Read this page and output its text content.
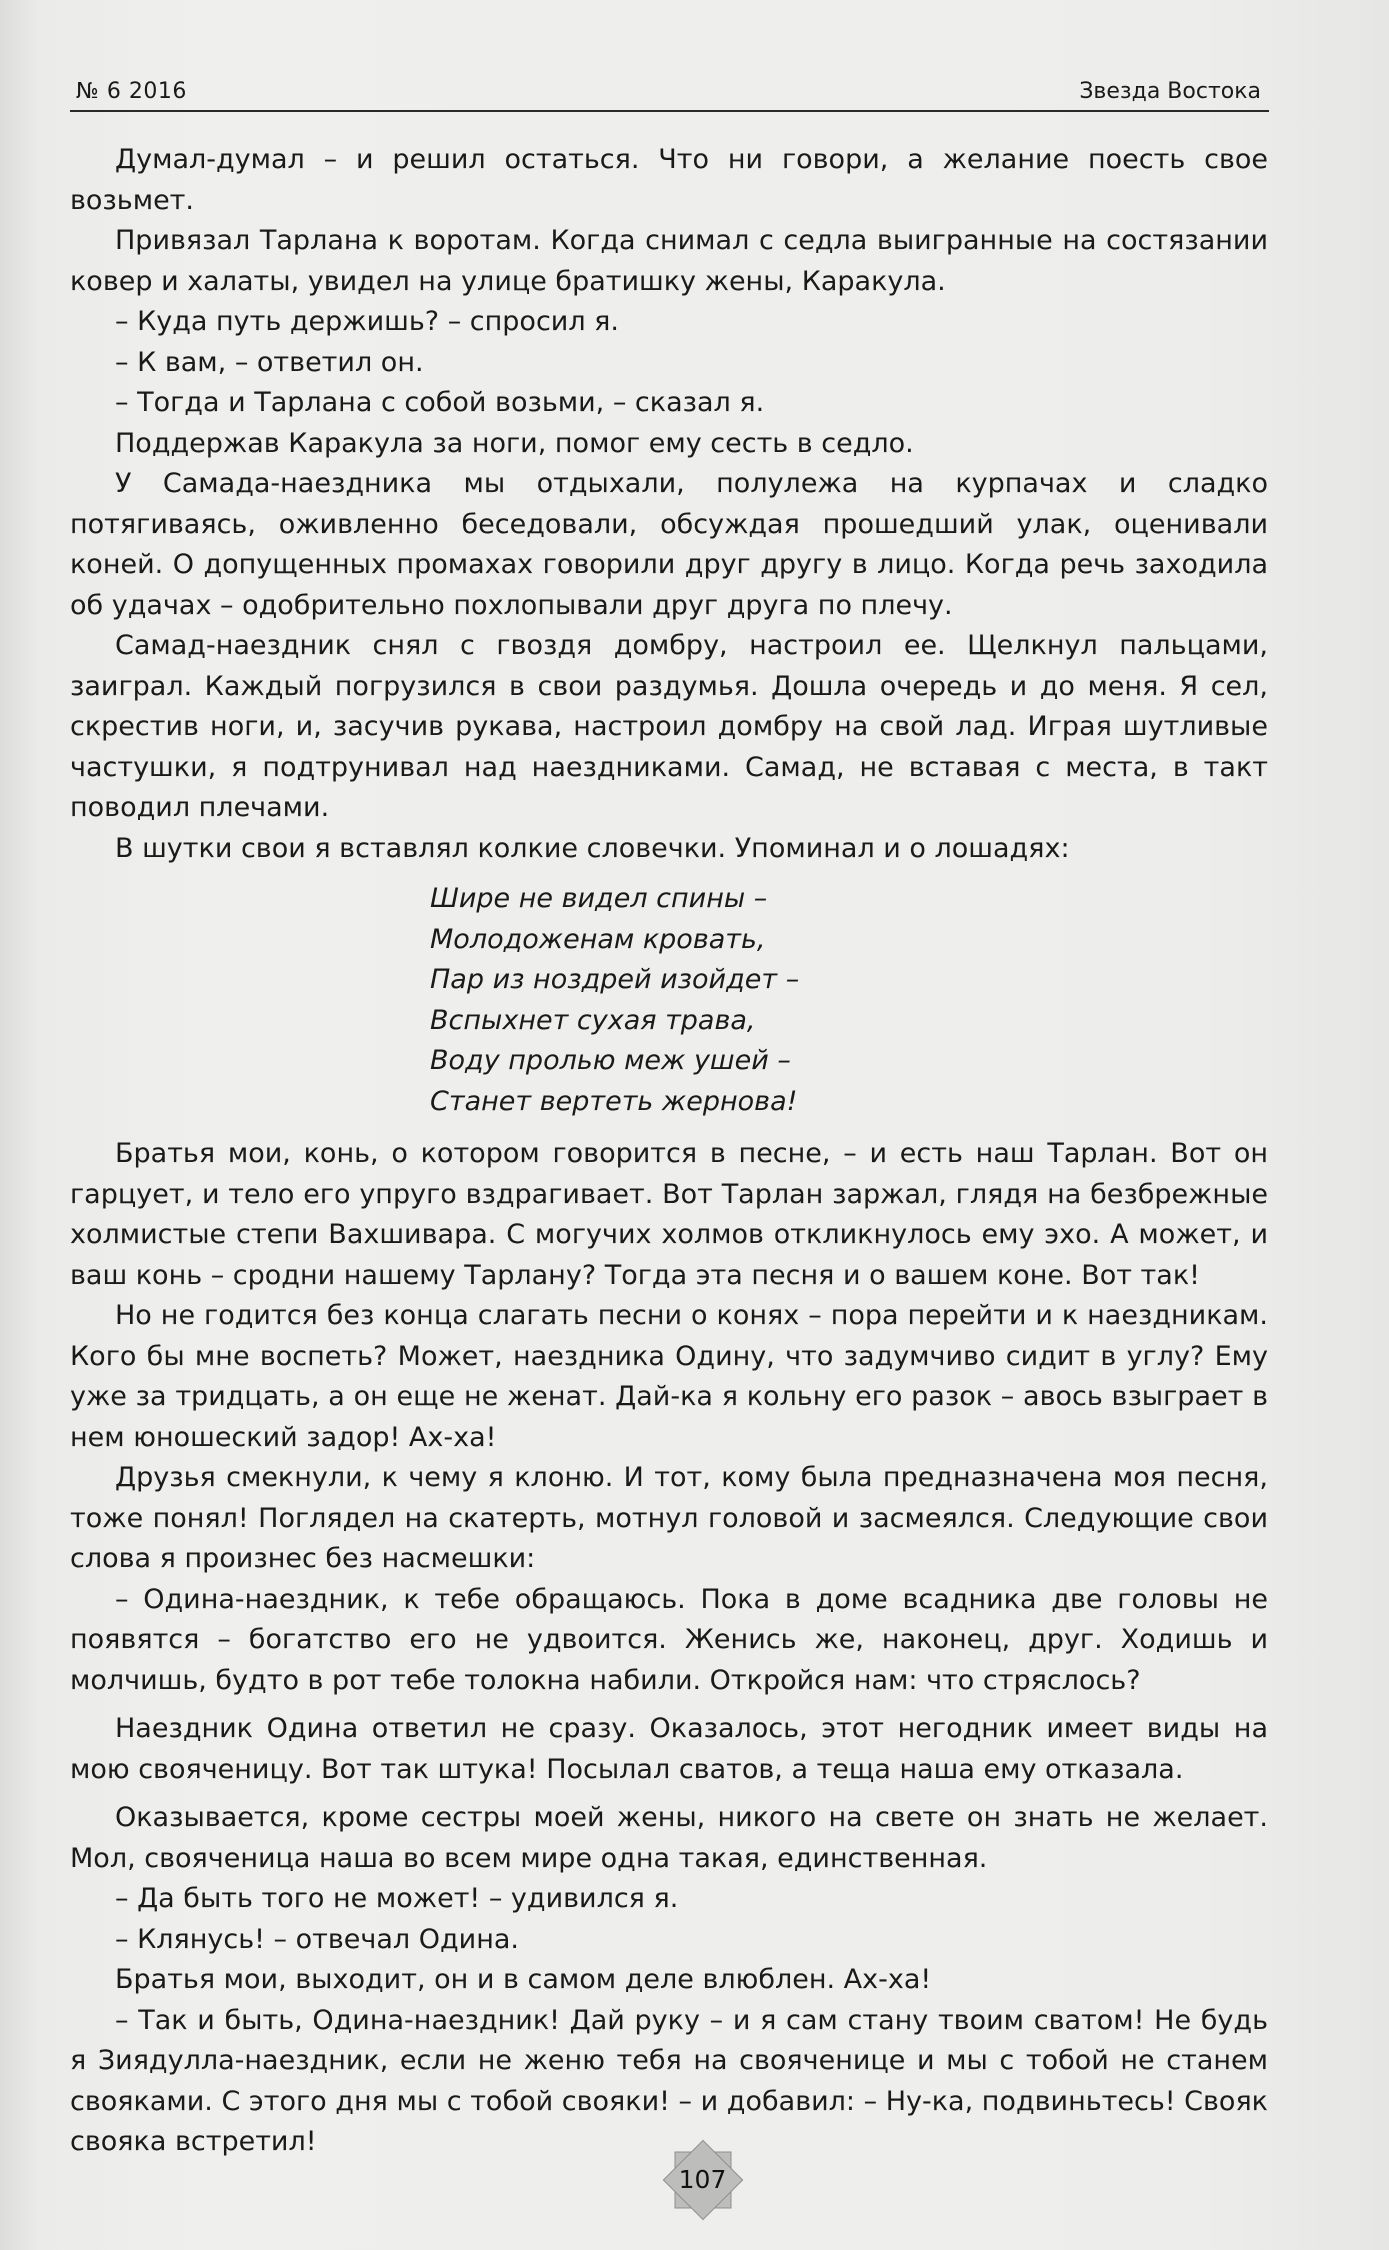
№ 6 2016	Звезда Востока

Думал-думал – и решил остаться. Что ни говори, а желание поесть свое возьмет.

Привязал Тарлана к воротам. Когда снимал с седла выигранные на состязании ковер и халаты, увидел на улице братишку жены, Каракула.

– Куда путь держишь? – спросил я.

– К вам, – ответил он.

– Тогда и Тарлана с собой возьми, – сказал я.

Поддержав Каракула за ноги, помог ему сесть в седло.

У Самада-наездника мы отдыхали, полулежа на курпачах и сладко потягиваясь, оживленно беседовали, обсуждая прошедший улак, оценивали коней. О допущенных промахах говорили друг другу в лицо. Когда речь заходила об удачах – одобрительно похлопывали друг друга по плечу.

Самад-наездник снял с гвоздя домбру, настроил ее. Щелкнул пальцами, заиграл. Каждый погрузился в свои раздумья. Дошла очередь и до меня. Я сел, скрестив ноги, и, засучив рукава, настроил домбру на свой лад. Играя шутливые частушки, я подтрунивал над наездниками. Самад, не вставая с места, в такт поводил плечами.

В шутки свои я вставлял колкие словечки. Упоминал и о лошадях:

Шире не видел спины –
Молодоженам кровать,
Пар из ноздрей изойдет –
Вспыхнет сухая трава,
Воду пролью меж ушей –
Станет вертеть жернова!

Братья мои, конь, о котором говорится в песне, – и есть наш Тарлан. Вот он гарцует, и тело его упруго вздрагивает. Вот Тарлан заржал, глядя на безбрежные холмистые степи Вахшивара. С могучих холмов откликнулось ему эхо. А может, и ваш конь – сродни нашему Тарлану? Тогда эта песня и о вашем коне. Вот так!

Но не годится без конца слагать песни о конях – пора перейти и к наездникам. Кого бы мне воспеть? Может, наездника Одину, что задумчиво сидит в углу? Ему уже за тридцать, а он еще не женат. Дай-ка я кольну его разок – авось взыграет в нем юношеский задор! Ах-ха!

Друзья смекнули, к чему я клоню. И тот, кому была предназначена моя песня, тоже понял! Поглядел на скатерть, мотнул головой и засмеялся. Следующие свои слова я произнес без насмешки:

– Одина-наездник, к тебе обращаюсь. Пока в доме всадника две головы не появятся – богатство его не удвоится. Женись же, наконец, друг. Ходишь и молчишь, будто в рот тебе толокна набили. Откройся нам: что стряслось?

Наездник Одина ответил не сразу. Оказалось, этот негодник имеет виды на мою свояченицу. Вот так штука! Посылал сватов, а теща наша ему отказала.

Оказывается, кроме сестры моей жены, никого на свете он знать не желает. Мол, свояченица наша во всем мире одна такая, единственная.

– Да быть того не может! – удивился я.

– Клянусь! – отвечал Одина.

Братья мои, выходит, он и в самом деле влюблен. Ах-ха!

– Так и быть, Одина-наездник! Дай руку – и я сам стану твоим сватом! Не будь я Зиядулла-наездник, если не женю тебя на свояченице и мы с тобой не станем свояками. С этого дня мы с тобой свояки! – и добавил: – Ну-ка, подвиньтесь! Свояк свояка встретил!

107
